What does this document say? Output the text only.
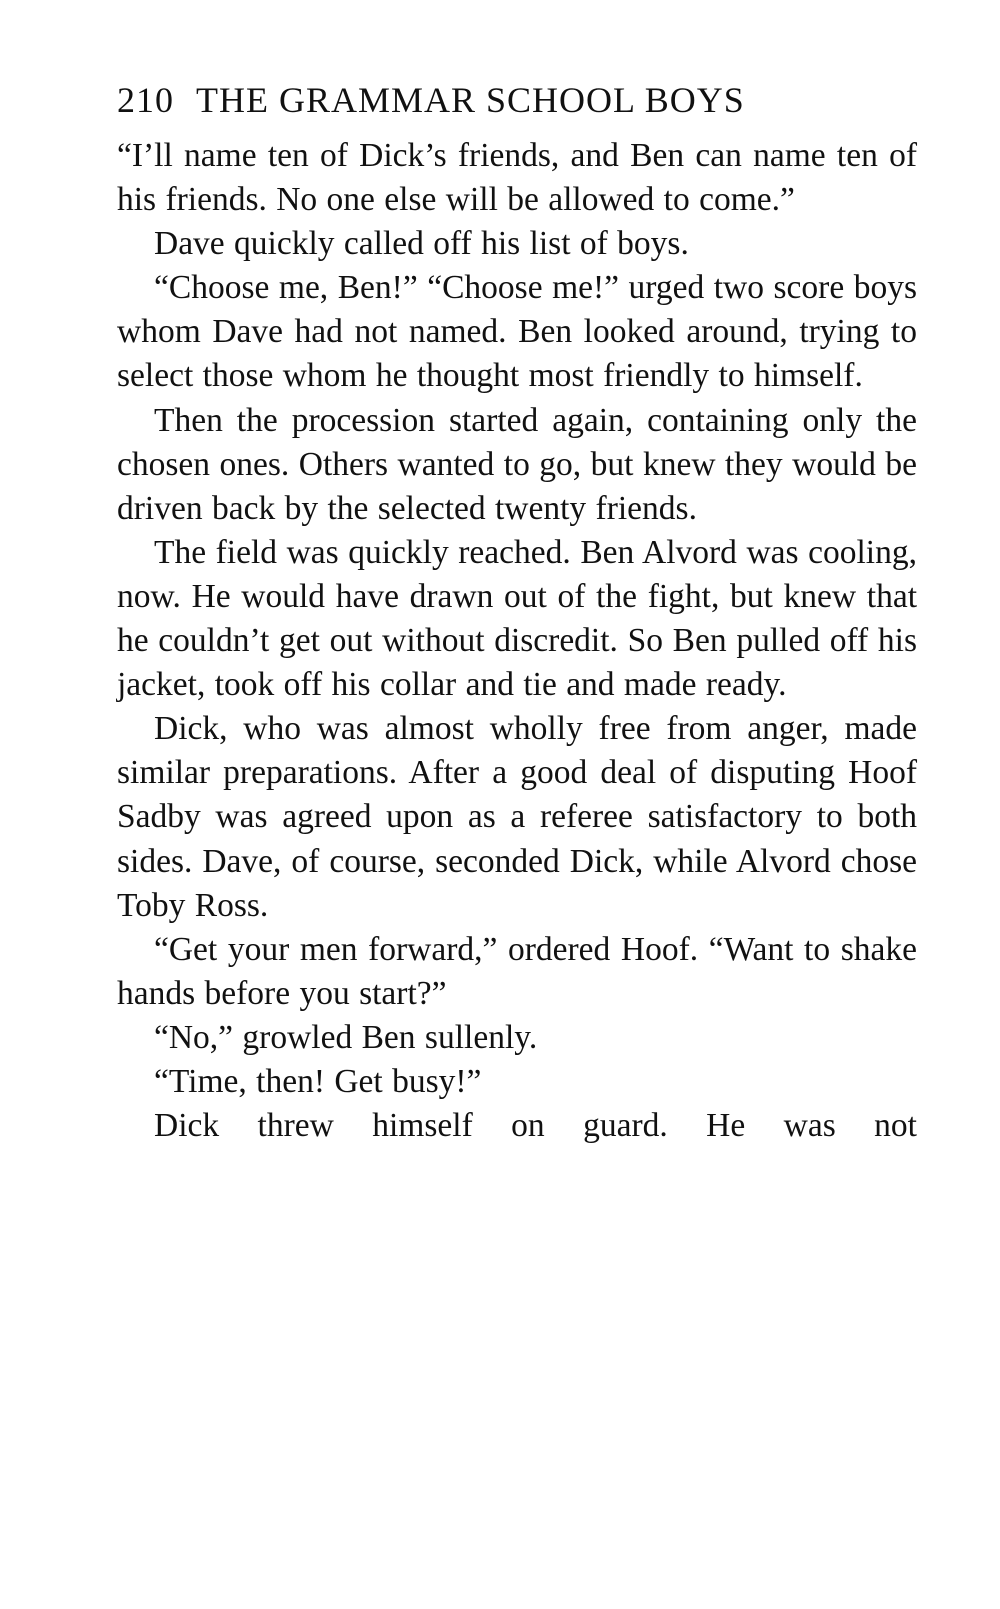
210 THE GRAMMAR SCHOOL BOYS

“I’ll name ten of Dick’s friends, and Ben can name ten of his friends. No one else will be allowed to come.”

Dave quickly called off his list of boys.

“Choose me, Ben!” “Choose me!” urged two score boys whom Dave had not named. Ben looked around, trying to select those whom he thought most friendly to himself.

Then the procession started again, containing only the chosen ones. Others wanted to go, but knew they would be driven back by the selected twenty friends.

The field was quickly reached. Ben Alvord was cooling, now. He would have drawn out of the fight, but knew that he couldn’t get out without discredit. So Ben pulled off his jacket, took off his collar and tie and made ready.

Dick, who was almost wholly free from anger, made similar preparations. After a good deal of disputing Hoof Sadby was agreed upon as a referee satisfactory to both sides. Dave, of course, seconded Dick, while Alvord chose Toby Ross.

“Get your men forward,” ordered Hoof. “Want to shake hands before you start?”

“No,” growled Ben sullenly.

“Time, then! Get busy!”

Dick threw himself on guard. He was not
